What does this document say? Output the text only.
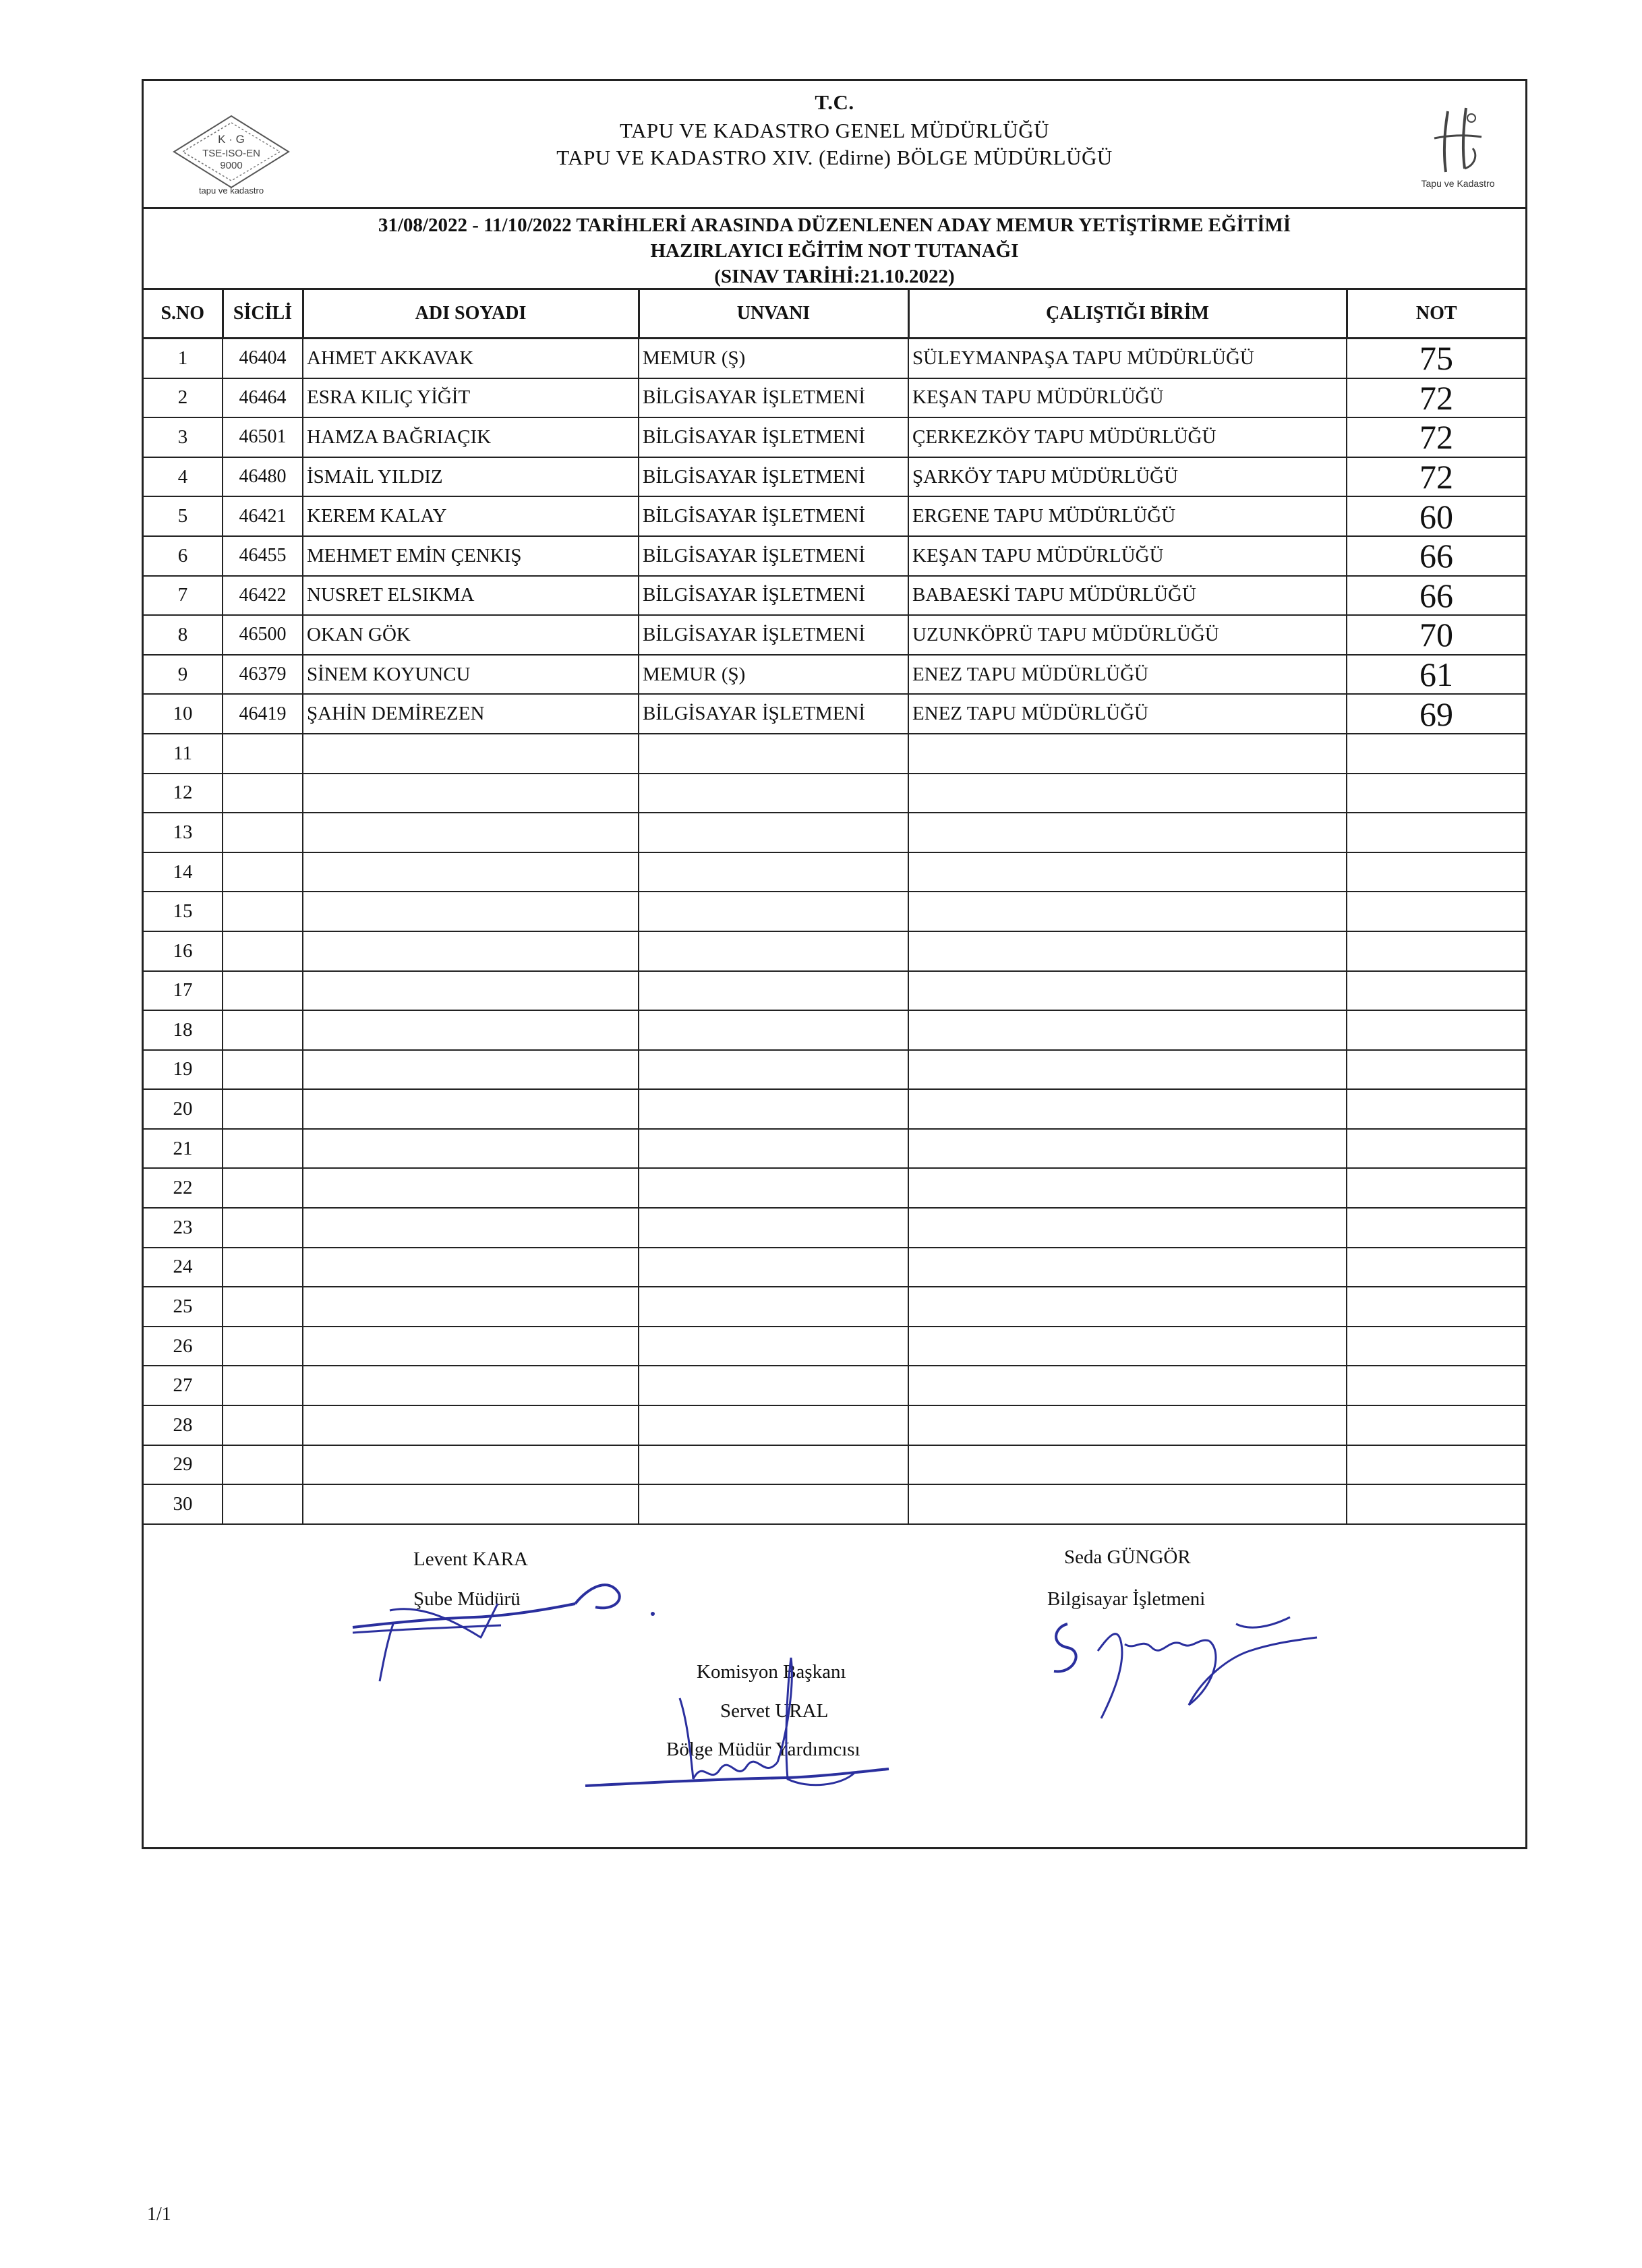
K · G
TSE-ISO-EN
9000
tapu ve kadastro
T.C.
TAPU VE KADASTRO GENEL MÜDÜRLÜĞÜ
TAPU VE KADASTRO XIV. (Edirne) BÖLGE MÜDÜRLÜĞÜ
Tapu ve Kadastro
31/08/2022 - 11/10/2022 TARİHLERİ ARASINDA DÜZENLENEN ADAY MEMUR YETİŞTİRME EĞİTİMİ
HAZIRLAYICI EĞİTİM NOT TUTANAĞI
(SINAV TARİHİ:21.10.2022)
S.NO	SİCİLİ	ADI SOYADI	UNVANI	ÇALIŞTIĞI BİRİM	NOT
1	46404	AHMET AKKAVAK	MEMUR (Ş)	SÜLEYMANPAŞA TAPU MÜDÜRLÜĞÜ	75
2	46464	ESRA KILIÇ YİĞİT	BİLGİSAYAR İŞLETMENİ	KEŞAN TAPU MÜDÜRLÜĞÜ	72
3	46501	HAMZA BAĞRIAÇIK	BİLGİSAYAR İŞLETMENİ	ÇERKEZKÖY TAPU MÜDÜRLÜĞÜ	72
4	46480	İSMAİL YILDIZ	BİLGİSAYAR İŞLETMENİ	ŞARKÖY TAPU MÜDÜRLÜĞÜ	72
5	46421	KEREM KALAY	BİLGİSAYAR İŞLETMENİ	ERGENE TAPU MÜDÜRLÜĞÜ	60
6	46455	MEHMET EMİN ÇENKIŞ	BİLGİSAYAR İŞLETMENİ	KEŞAN TAPU MÜDÜRLÜĞÜ	66
7	46422	NUSRET ELSIKMA	BİLGİSAYAR İŞLETMENİ	BABAESKİ TAPU MÜDÜRLÜĞÜ	66
8	46500	OKAN GÖK	BİLGİSAYAR İŞLETMENİ	UZUNKÖPRÜ TAPU MÜDÜRLÜĞÜ	70
9	46379	SİNEM KOYUNCU	MEMUR (Ş)	ENEZ TAPU MÜDÜRLÜĞÜ	61
10	46419	ŞAHİN DEMİREZEN	BİLGİSAYAR İŞLETMENİ	ENEZ TAPU MÜDÜRLÜĞÜ	69
11					
12					
13					
14					
15					
16					
17					
18					
19					
20					
21					
22					
23					
24					
25					
26					
27					
28					
29					
30					
Levent KARA
Şube Müdürü
Seda GÜNGÖR
Bilgisayar İşletmeni
Komisyon Başkanı
Servet URAL
Bölge Müdür Yardımcısı
1/1
